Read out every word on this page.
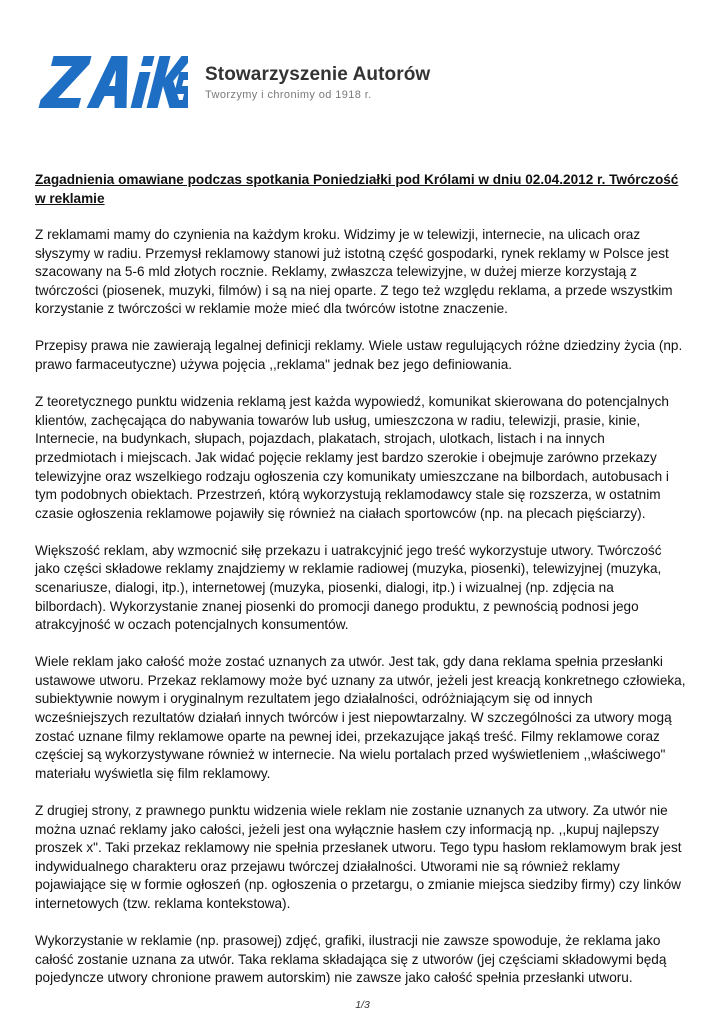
Stowarzyszenie Autorów
Tworzymy i chronimy od 1918 r.
Zagadnienia omawiane podczas spotkania Poniedziałki pod Królami w dniu 02.04.2012 r. Twórczość w reklamie

Z reklamami mamy do czynienia na każdym kroku. Widzimy je w telewizji, internecie, na ulicach oraz słyszymy w radiu. Przemysł reklamowy stanowi już istotną część gospodarki, rynek reklamy w Polsce jest szacowany na 5-6 mld złotych rocznie. Reklamy, zwłaszcza telewizyjne, w dużej mierze korzystają z twórczości (piosenek, muzyki, filmów) i są na niej oparte. Z tego też względu reklama, a przede wszystkim korzystanie z twórczości w reklamie może mieć dla twórców istotne znaczenie.

Przepisy prawa nie zawierają legalnej definicji reklamy. Wiele ustaw regulujących różne dziedziny życia (np. prawo farmaceutyczne) używa pojęcia ,,reklama" jednak bez jego definiowania.

Z teoretycznego punktu widzenia reklamą jest każda wypowiedź, komunikat skierowana do potencjalnych klientów, zachęcająca do nabywania towarów lub usług, umieszczona w radiu, telewizji, prasie, kinie, Internecie, na budynkach, słupach, pojazdach, plakatach, strojach, ulotkach, listach i na innych przedmiotach i miejscach. Jak widać pojęcie reklamy jest bardzo szerokie i obejmuje zarówno przekazy telewizyjne oraz wszelkiego rodzaju ogłoszenia czy komunikaty umieszczane na bilbordach, autobusach i tym podobnych obiektach. Przestrzeń, którą wykorzystują reklamodawcy stale się rozszerza, w ostatnim czasie ogłoszenia reklamowe pojawiły się również na ciałach sportowców (np. na plecach pięściarzy).

Większość reklam, aby wzmocnić siłę przekazu i uatrakcyjnić jego treść wykorzystuje utwory. Twórczość jako części składowe reklamy znajdziemy w reklamie radiowej (muzyka, piosenki), telewizyjnej (muzyka, scenariusze, dialogi, itp.), internetowej (muzyka, piosenki, dialogi, itp.) i wizualnej (np. zdjęcia na bilbordach). Wykorzystanie znanej piosenki do promocji danego produktu, z pewnością podnosi jego atrakcyjność w oczach potencjalnych konsumentów.

Wiele reklam jako całość może zostać uznanych za utwór. Jest tak, gdy dana reklama spełnia przesłanki ustawowe utworu. Przekaz reklamowy może być uznany za utwór, jeżeli jest kreacją konkretnego człowieka, subiektywnie nowym i oryginalnym rezultatem jego działalności, odróżniającym się od innych wcześniejszych rezultatów działań innych twórców i jest niepowtarzalny. W szczególności za utwory mogą zostać uznane filmy reklamowe oparte na pewnej idei, przekazujące jakąś treść. Filmy reklamowe coraz częściej są wykorzystywane również w internecie. Na wielu portalach przed wyświetleniem ,,właściwego" materiału wyświetla się film reklamowy.

Z drugiej strony, z prawnego punktu widzenia wiele reklam nie zostanie uznanych za utwory. Za utwór nie można uznać reklamy jako całości, jeżeli jest ona wyłącznie hasłem czy informacją np. ,,kupuj najlepszy proszek x". Taki przekaz reklamowy nie spełnia przesłanek utworu. Tego typu hasłom reklamowym brak jest indywidualnego charakteru oraz przejawu twórczej działalności. Utworami nie są również reklamy pojawiające się w formie ogłoszeń (np. ogłoszenia o przetargu, o zmianie miejsca siedziby firmy) czy linków internetowych (tzw. reklama kontekstowa).

Wykorzystanie w reklamie (np. prasowej) zdjęć, grafiki, ilustracji nie zawsze spowoduje, że reklama jako całość zostanie uznana za utwór. Taka reklama składająca się z utworów (jej częściami składowymi będą pojedyncze utwory chronione prawem autorskim) nie zawsze jako całość spełnia przesłanki utworu.

1/3
